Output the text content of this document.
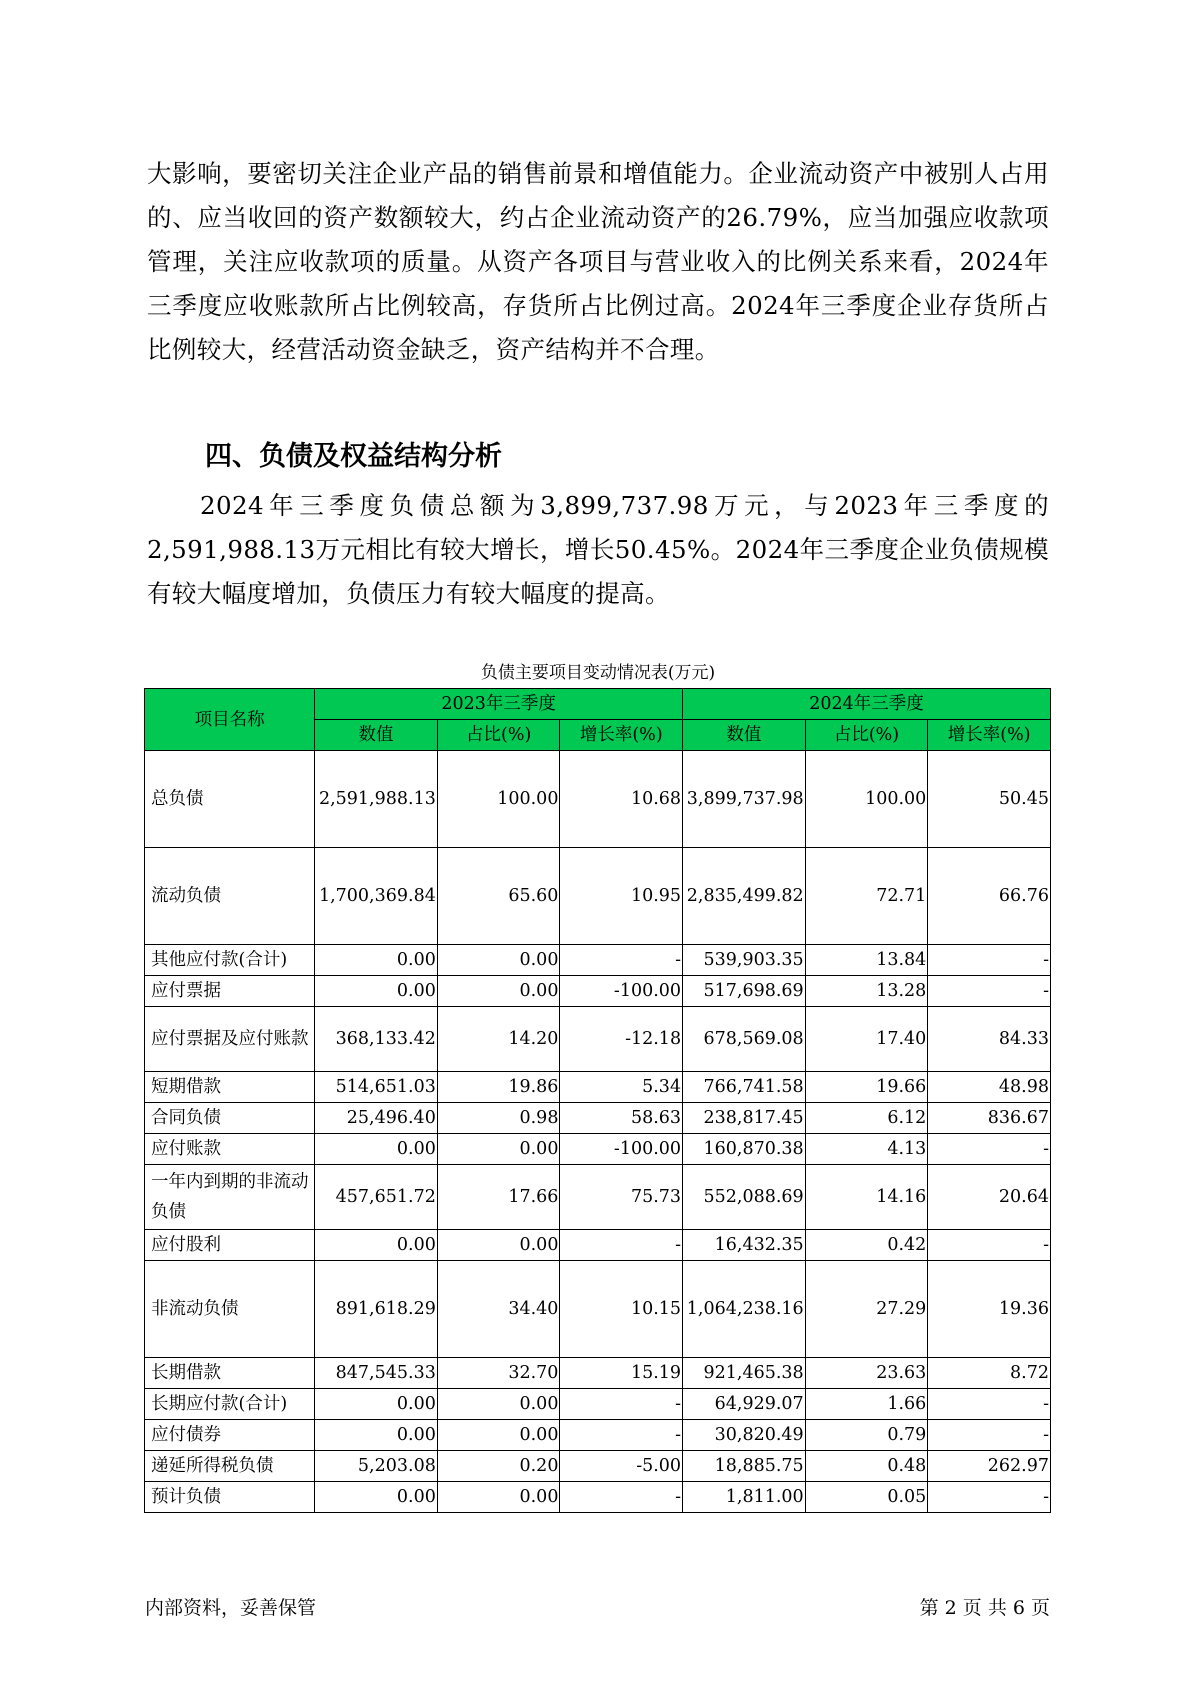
大影响，要密切关注企业产品的销售前景和增值能力。企业流动资产中被别人占用的、应当收回的资产数额较大，约占企业流动资产的26.79%，应当加强应收款项管理，关注应收款项的质量。从资产各项目与营业收入的比例关系来看，2024年三季度应收账款所占比例较高，存货所占比例过高。2024年三季度企业存货所占比例较大，经营活动资金缺乏，资产结构并不合理。

四、负债及权益结构分析

2024年三季度负债总额为3,899,737.98万元，与2023年三季度的2,591,988.13万元相比有较大增长，增长50.45%。2024年三季度企业负债规模有较大幅度增加，负债压力有较大幅度的提高。

负债主要项目变动情况表(万元)
项目名称	2023年三季度			2024年三季度		
	数值	占比(%)	增长率(%)	数值	占比(%)	增长率(%)
总负债	2,591,988.13	100.00	10.68	3,899,737.98	100.00	50.45
流动负债	1,700,369.84	65.60	10.95	2,835,499.82	72.71	66.76
其他应付款(合计)	0.00	0.00	-	539,903.35	13.84	-
应付票据	0.00	0.00	-100.00	517,698.69	13.28	-
应付票据及应付账款	368,133.42	14.20	-12.18	678,569.08	17.40	84.33
短期借款	514,651.03	19.86	5.34	766,741.58	19.66	48.98
合同负债	25,496.40	0.98	58.63	238,817.45	6.12	836.67
应付账款	0.00	0.00	-100.00	160,870.38	4.13	-
一年内到期的非流动负债	457,651.72	17.66	75.73	552,088.69	14.16	20.64
应付股利	0.00	0.00	-	16,432.35	0.42	-
非流动负债	891,618.29	34.40	10.15	1,064,238.16	27.29	19.36
长期借款	847,545.33	32.70	15.19	921,465.38	23.63	8.72
长期应付款(合计)	0.00	0.00	-	64,929.07	1.66	-
应付债券	0.00	0.00	-	30,820.49	0.79	-
递延所得税负债	5,203.08	0.20	-5.00	18,885.75	0.48	262.97
预计负债	0.00	0.00	-	1,811.00	0.05	-
内部资料，妥善保管	第 2 页 共 6 页
